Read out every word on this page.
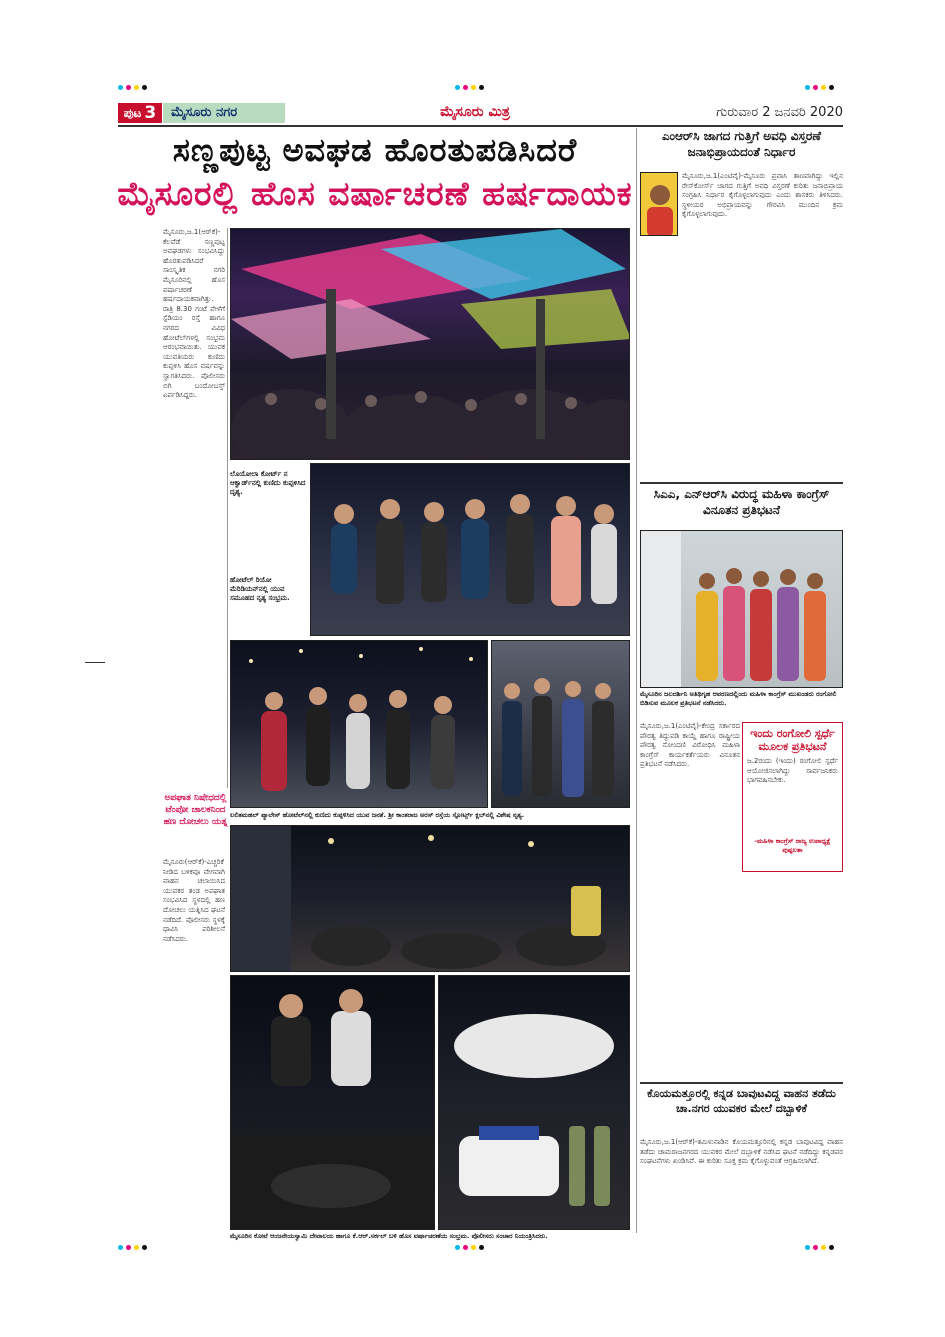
ಪುಟ 3	ಮೈಸೂರು ನಗರ	ಮೈಸೂರು ಮಿತ್ರ	ಗುರುವಾರ 2 ಜನವರಿ 2020
ಸಣ್ಣಪುಟ್ಟ ಅವಘಡ ಹೊರತುಪಡಿಸಿದರೆ
ಮೈಸೂರಲ್ಲಿ ಹೊಸ ವರ್ಷಾಚರಣೆ ಹರ್ಷದಾಯಕ
ಮೈಸೂರು,ಜ.1(ಆರ್‌ಕೆ)-ಕೆಲವೆಡೆ ಸಣ್ಣಪುಟ್ಟ ಅವಘಡಗಳು ಸಂಭವಿಸಿದ್ದು ಹೊರತುಪಡಿಸಿದರೆ ಸಾಂಸ್ಕೃತಿಕ ನಗರಿ ಮೈಸೂರಿನಲ್ಲಿ ಹೊಸ ವರ್ಷಾಚರಣೆ ಹರ್ಷದಾಯಕವಾಗಿತ್ತು. ರಾತ್ರಿ 8.30 ಗಂಟೆ ವೇಳೆಗೆ ಸ್ಟೆಡಿಯಂ ರಸ್ತೆ ಹಾಗೂ ನಗರದ ವಿವಿಧ ಹೋಟೆಲ್‌ಗಳಲ್ಲಿ ಸಂಭ್ರಮ ಆರಂಭವಾಯಿತು. ಯುವಕ ಯುವತಿಯರು ಕುಣಿದು ಕುಪ್ಪಳಿಸಿ ಹೊಸ ವರ್ಷವನ್ನು ಸ್ವಾಗತಿಸಿದರು. ಪೊಲೀಸರು ಬಿಗಿ ಬಂದೋಬಸ್ತ್ ಏರ್ಪಡಿಸಿದ್ದರು.
ಲೊಯೋಲಾ ಕೋರ್ಟ್ ನ ಆಕ್ವಾರ್ಡ್‌ನಲ್ಲಿ ಕುಣಿದು ಕುಪ್ಪಳಿಸಿದ ದೃಶ್ಯ.
ಹೋಟೆಲ್ ರಿಯೋ ಮೆರಿಡಿಯನ್‌ನಲ್ಲಿ ಯುವ ಸಮೂಹದ ನೃತ್ಯ ಸಂಭ್ರಮ.
ಲಲಿತಮಹಲ್ ಪ್ಯಾಲೇಸ್ ಹೋಟೆಲ್‌ನಲ್ಲಿ ಕುಣಿದು ಕುಪ್ಪಳಿಸಿದ ಯುವ ಜನತೆ. ಶ್ರೀ ಕಾಂತರಾಜ ಅರಸ್ ರಸ್ತೆಯ ಸ್ಪೋರ್ಟ್ಸ್ ಕ್ಲಬ್‌ನಲ್ಲಿ ವಿಶೇಷ ನೃತ್ಯ.
ಅಪಘಾತ ನಿಷೇಧದಲ್ಲಿ ಟೆಂಪೋ ಚಾಲಕನಿಂದ ಹಣ ದೋಚಲು ಯತ್ನ
ಮೈಸೂರು(ಆರ್‌ಕೆ)-ಎಚ್ಚರಿಕೆ ನೀಡಿದ ಬಳಿಕವೂ ವೇಗವಾಗಿ ವಾಹನ ಚಲಾಯಿಸಿದ ಯುವಕರ ತಂಡ ಅಪಘಾತ ಸಂಭವಿಸಿದ ಸ್ಥಳದಲ್ಲಿ ಹಣ ದೋಚಲು ಯತ್ನಿಸಿದ ಘಟನೆ ನಡೆದಿದೆ. ಪೊಲೀಸರು ಸ್ಥಳಕ್ಕೆ ಧಾವಿಸಿ ಪರಿಶೀಲನೆ ನಡೆಸಿದರು.
ಮೈಸೂರಿನ ಕೋಟೆ ಆಂಜನೇಯಸ್ವಾಮಿ ದೇವಾಲಯ ಹಾಗೂ ಕೆ.ಆರ್.ಸರ್ಕಲ್ ಬಳಿ ಹೊಸ ವರ್ಷಾಚರಣೆಯ ಸಂಭ್ರಮ. ಪೊಲೀಸರು ಸಂಚಾರ ನಿಯಂತ್ರಿಸಿದರು.
ಎಂಆರ್‌ಸಿ ಜಾಗದ ಗುತ್ತಿಗೆ ಅವಧಿ ವಿಸ್ತರಣೆ ಜನಾಭಿಪ್ರಾಯದಂತೆ ನಿರ್ಧಾರ
ಮೈಸೂರು,ಜ.1(ಎಂಟಿವೈ)-ಮೈಸೂರು ಪ್ರವಾಸಿ ತಾಣವಾಗಿದ್ದು ಇಲ್ಲಿನ ರೇಸ್‌ಕೋರ್ಸ್ ಜಾಗದ ಗುತ್ತಿಗೆ ಅವಧಿ ವಿಸ್ತರಣೆ ಕುರಿತು ಜನಾಭಿಪ್ರಾಯ ಸಂಗ್ರಹಿಸಿ ನಿರ್ಧಾರ ಕೈಗೊಳ್ಳಲಾಗುವುದು ಎಂದು ಶಾಸಕರು ತಿಳಿಸಿದರು. ಸ್ಥಳೀಯರ ಅಭಿಪ್ರಾಯವನ್ನು ಗೌರವಿಸಿ ಮುಂದಿನ ಕ್ರಮ ಕೈಗೊಳ್ಳಲಾಗುವುದು.
ಸಿಎಎ, ಎನ್‌ಆರ್‌ಸಿ ವಿರುದ್ಧ ಮಹಿಳಾ ಕಾಂಗ್ರೆಸ್ ವಿನೂತನ ಪ್ರತಿಭಟನೆ
ಮೈಸೂರಿನ ಜಲದರ್ಶಿನಿ ಅತಿಥಿಗೃಹ ಆವರಣದಲ್ಲಿಂದು ಮಹಿಳಾ ಕಾಂಗ್ರೆಸ್ ಮುಖಂಡರು ರಂಗೋಲಿ ಬಿಡಿಸುವ ಮೂಲಕ ಪ್ರತಿಭಟನೆ ನಡೆಸಿದರು.
ಮೈಸೂರು,ಜ.1(ಎಂಟಿವೈ)-ಕೇಂದ್ರ ಸರ್ಕಾರದ ಪೌರತ್ವ ತಿದ್ದುಪಡಿ ಕಾಯ್ದೆ ಹಾಗೂ ರಾಷ್ಟ್ರೀಯ ಪೌರತ್ವ ನೋಂದಣಿ ವಿರೋಧಿಸಿ ಮಹಿಳಾ ಕಾಂಗ್ರೆಸ್ ಕಾರ್ಯಕರ್ತೆಯರು ವಿನೂತನ ಪ್ರತಿಭಟನೆ ನಡೆಸಿದರು.
ಇಂದು ರಂಗೋಲಿ ಸ್ಪರ್ಧೆ ಮೂಲಕ ಪ್ರತಿಭಟನೆ
ಜ.2ರಂದು (ಇಂದು) ರಂಗೋಲಿ ಸ್ಪರ್ಧೆ ಆಯೋಜಿಸಲಾಗಿದ್ದು ಸಾರ್ವಜನಿಕರು ಭಾಗವಹಿಸಬೇಕು.
-ಮಹಿಳಾ ಕಾಂಗ್ರೆಸ್ ರಾಜ್ಯ ಉಪಾಧ್ಯಕ್ಷೆ ಪುಷ್ಪಲತಾ
ಕೊಯಮತ್ತೂರಲ್ಲಿ ಕನ್ನಡ ಬಾವುಟವಿದ್ದ ವಾಹನ ತಡೆದು ಚಾ.ನಗರ ಯುವಕರ ಮೇಲೆ ದಬ್ಬಾಳಿಕೆ
ಮೈಸೂರು,ಜ.1(ಆರ್‌ಕೆ)-ತಮಿಳುನಾಡಿನ ಕೊಯಮತ್ತೂರಿನಲ್ಲಿ ಕನ್ನಡ ಬಾವುಟವಿದ್ದ ವಾಹನ ತಡೆದು ಚಾಮರಾಜನಗರದ ಯುವಕರ ಮೇಲೆ ದಬ್ಬಾಳಿಕೆ ನಡೆಸಿದ ಘಟನೆ ನಡೆದಿದ್ದು ಕನ್ನಡಪರ ಸಂಘಟನೆಗಳು ಖಂಡಿಸಿವೆ. ಈ ಕುರಿತು ಸೂಕ್ತ ಕ್ರಮ ಕೈಗೊಳ್ಳುವಂತೆ ಆಗ್ರಹಿಸಲಾಗಿದೆ.
